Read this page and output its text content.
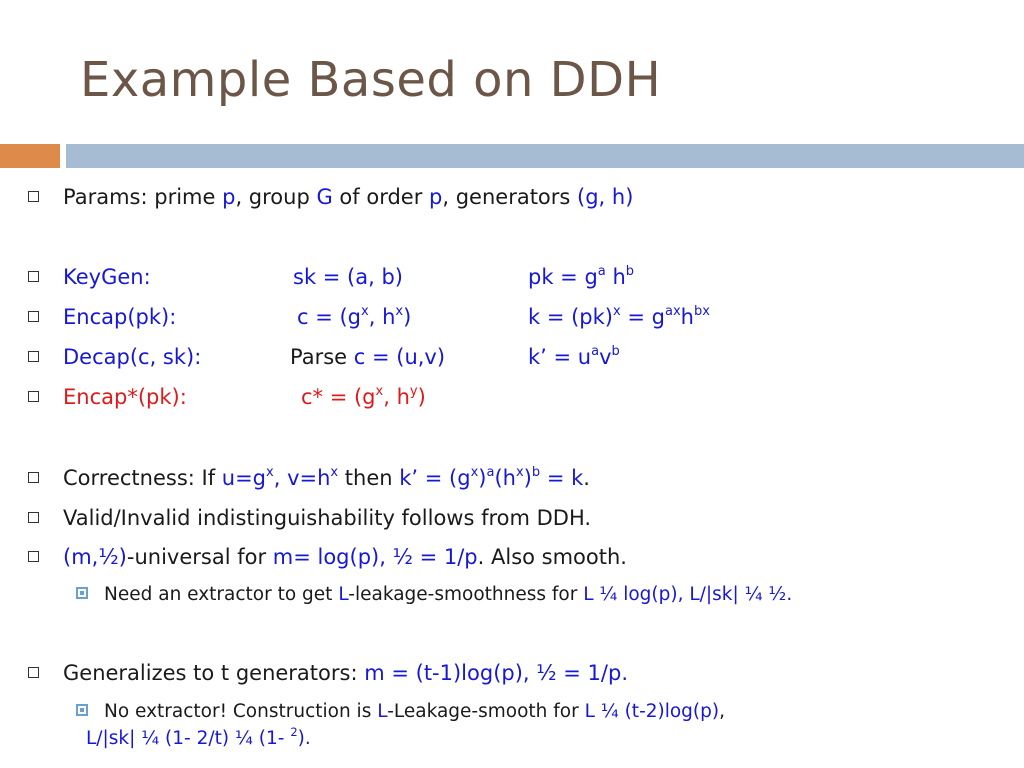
Example Based on DDH
Params: prime p, group G of order p, generators (g, h)
KeyGen:	sk = (a, b)	pk = $g^a$ $h^b$
Encap(pk):	$c = (g^x$, $h^x$)	$k = (pk)^x = g^{ax}h^{bx}$
Decap(c, sk):	Parse c = (u,v)	k’ = $u^av^b$
Encap*(pk):	$c* = (g^x$, $h^y$)
Correctness: If $u=g^x$, $v=h^x$ then k’ = $(g^x)^a(h^x)^b = k$.
Valid/Invalid indistinguishability follows from DDH.
(m,½)-universal for m= log(p), ½ = 1/p. Also smooth.
Need an extractor to get L-leakage-smoothness for L ¼ log(p), L/|sk| ¼ ½.
Generalizes to t generators: m = (t-1)log(p), ½ = 1/p.
No extractor! Construction is L-Leakage-smooth for L ¼ (t-2)log(p),
L/|sk| ¼ (1- 2/t) ¼ (1- $^2$).
